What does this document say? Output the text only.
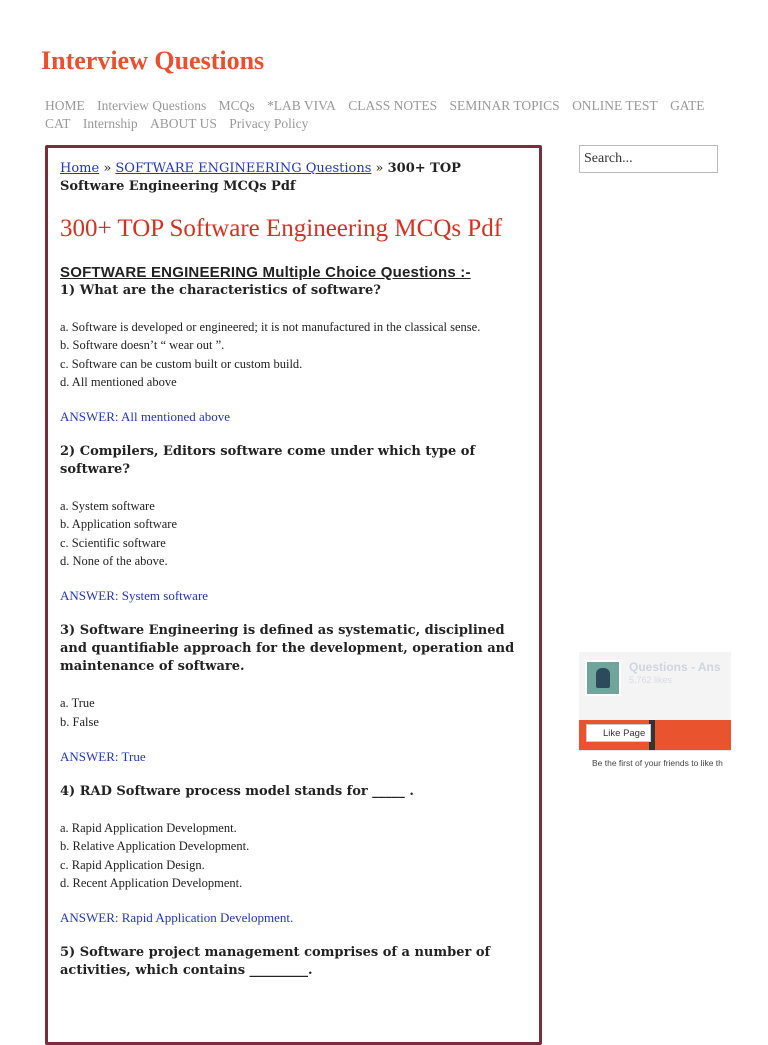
Interview Questions
HOME Interview Questions MCQs *LAB VIVA CLASS NOTES SEMINAR TOPICS ONLINE TEST GATE CAT Internship ABOUT US Privacy Policy
Home » SOFTWARE ENGINEERING Questions » 300+ TOP Software Engineering MCQs Pdf
300+ TOP Software Engineering MCQs Pdf
SOFTWARE ENGINEERING Multiple Choice Questions :-
1) What are the characteristics of software?
a. Software is developed or engineered; it is not manufactured in the classical sense.
b. Software doesn’t “ wear out ”.
c. Software can be custom built or custom build.
d. All mentioned above
ANSWER: All mentioned above
2) Compilers, Editors software come under which type of software?
a. System software
b. Application software
c. Scientific software
d. None of the above.
ANSWER: System software
3) Software Engineering is defined as systematic, disciplined and quantifiable approach for the development, operation and maintenance of software.
a. True
b. False
ANSWER: True
4) RAD Software process model stands for _____ .
a. Rapid Application Development.
b. Relative Application Development.
c. Rapid Application Design.
d. Recent Application Development.
ANSWER: Rapid Application Development.
5) Software project management comprises of a number of activities, which contains _________.
Search...
Questions - Ans
5,762 likes
Like Page
Be the first of your friends to like th
